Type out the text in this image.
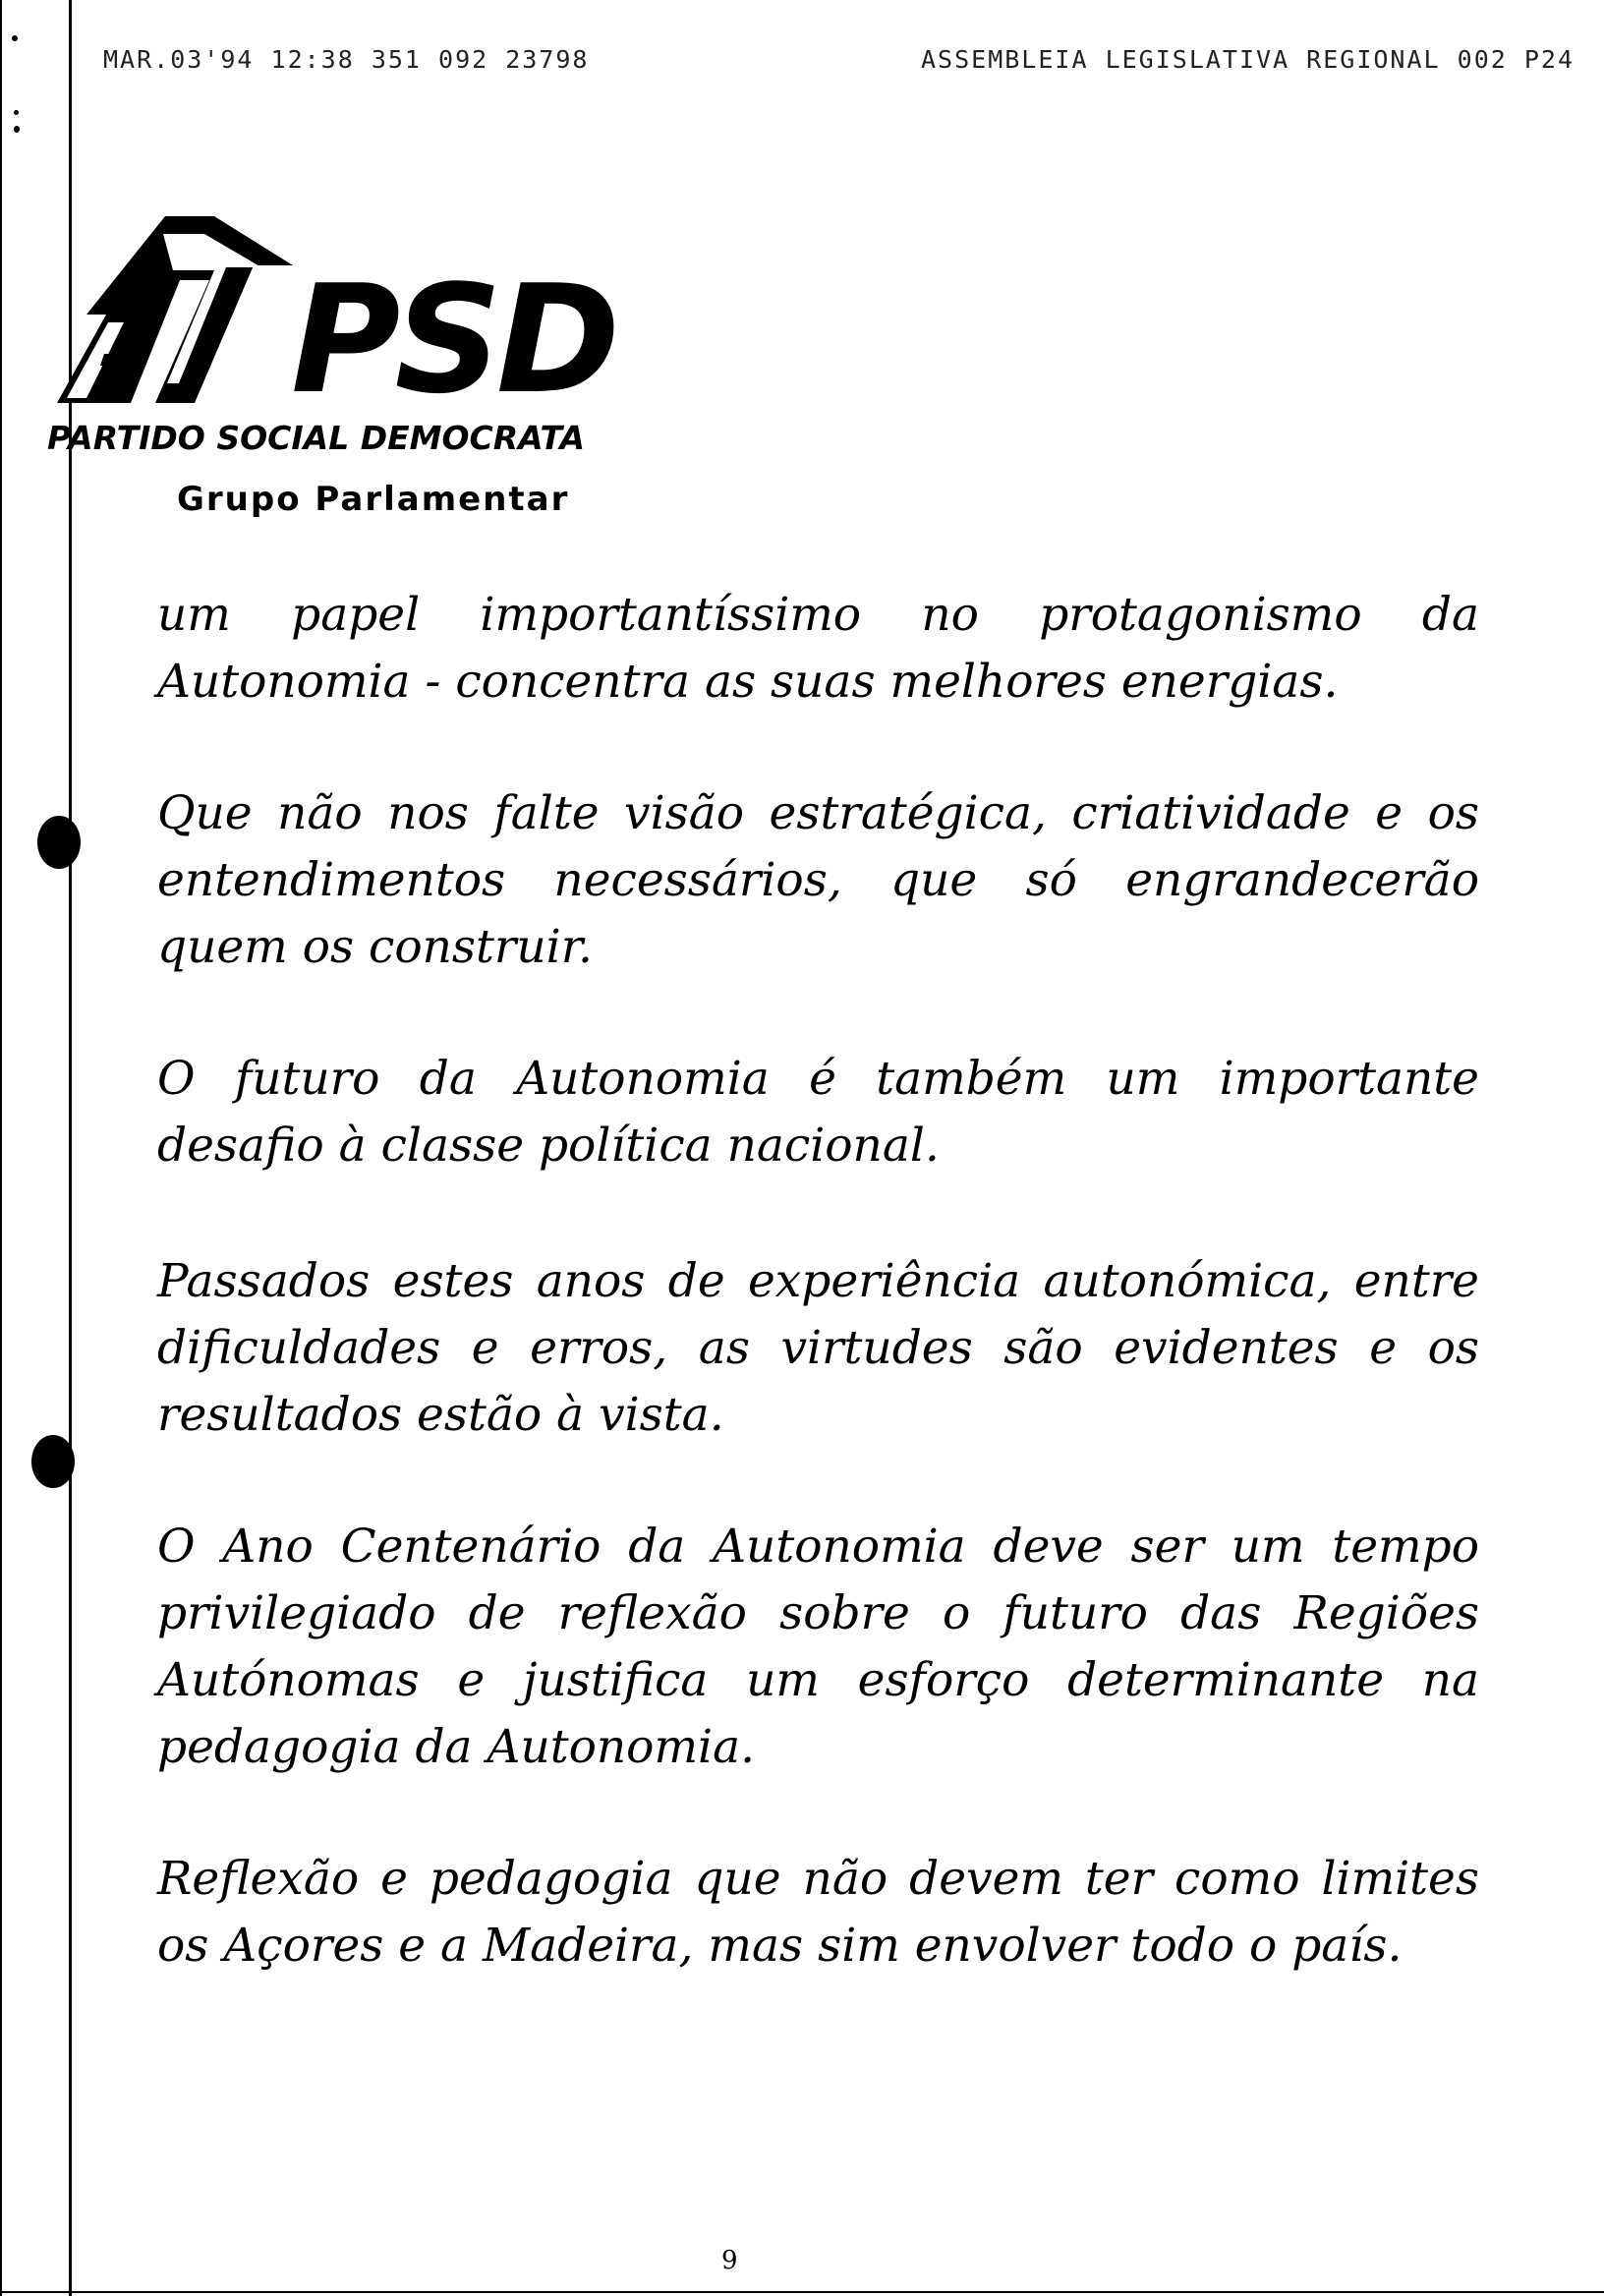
MAR.03'94 12:38 351 092 23798	ASSEMBLEIA LEGISLATIVA REGIONAL 002 P24
PSD
PARTIDO SOCIAL DEMOCRATA
Grupo Parlamentar

um papel importantíssimo no protagonismo da Autonomia - concentra as suas melhores energias.

Que não nos falte visão estratégica, criatividade e os entendimentos necessários, que só engrandecerão quem os construir.

O futuro da Autonomia é também um importante desafio à classe política nacional.

Passados estes anos de experiência autonómica, entre dificuldades e erros, as virtudes são evidentes e os resultados estão à vista.

O Ano Centenário da Autonomia deve ser um tempo privilegiado de reflexão sobre o futuro das Regiões Autónomas e justifica um esforço determinante na pedagogia da Autonomia.

Reflexão e pedagogia que não devem ter como limites os Açores e a Madeira, mas sim envolver todo o país.

9
